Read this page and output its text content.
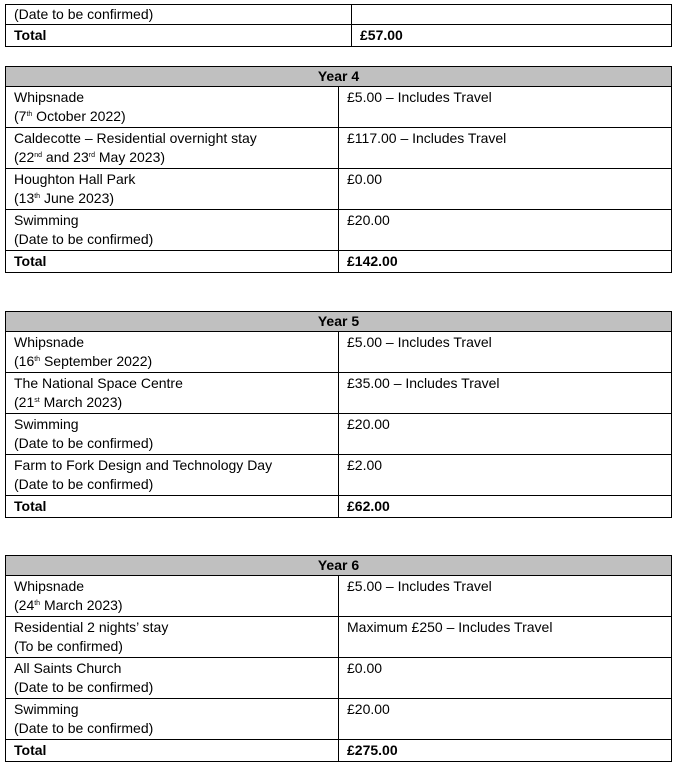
(Date to be confirmed)	
Total	£57.00
Year 4	

Whipsnade
(7th October 2022)	£5.00 – Includes Travel

Caldecotte – Residential overnight stay
(22nd and 23rd May 2023)	£117.00 – Includes Travel

Houghton Hall Park
(13th June 2023)	£0.00

Swimming
(Date to be confirmed)	£20.00
Total	£142.00
Year 5	

Whipsnade
(16th September 2022)	£5.00 – Includes Travel

The National Space Centre
(21st March 2023)	£35.00 – Includes Travel

Swimming
(Date to be confirmed)	£20.00

Farm to Fork Design and Technology Day
(Date to be confirmed)	£2.00
Total	£62.00
Year 6	

Whipsnade
(24th March 2023)	£5.00 – Includes Travel

Residential 2 nights’ stay
(To be confirmed)	Maximum £250 – Includes Travel

All Saints Church
(Date to be confirmed)	£0.00

Swimming
(Date to be confirmed)	£20.00
Total	£275.00
